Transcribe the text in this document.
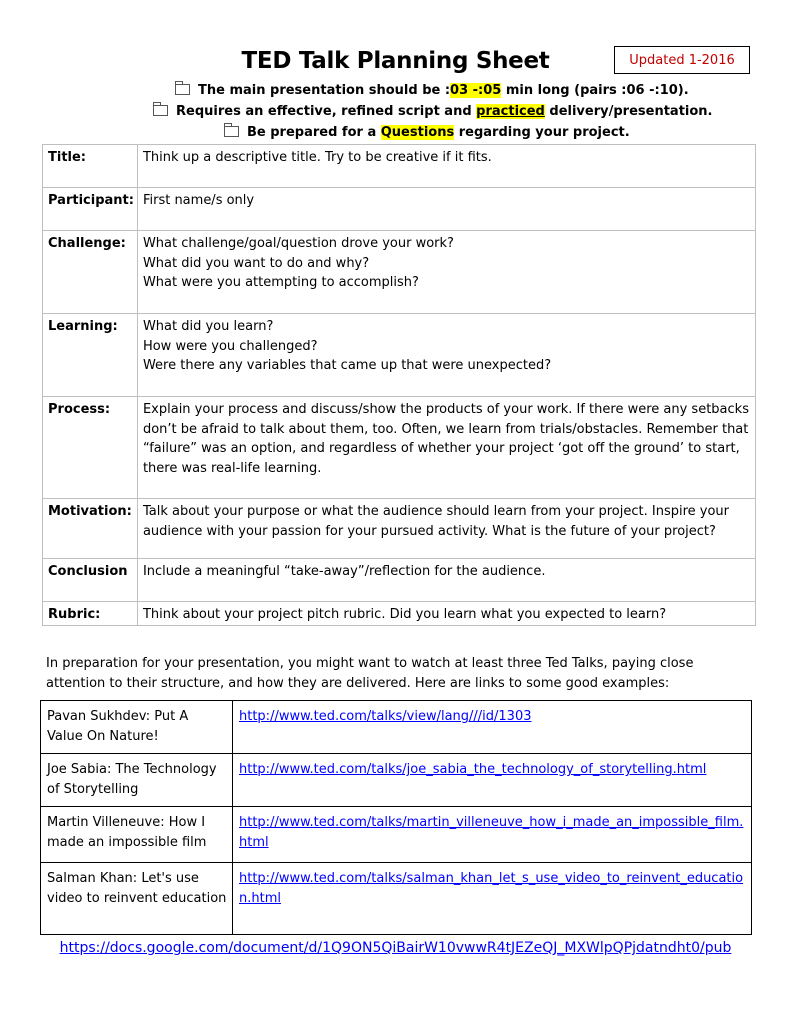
Updated 1-2016
TED Talk Planning Sheet
The main presentation should be :03 -:05 min long (pairs :06 -:10).
Requires an effective, refined script and practiced delivery/presentation.
Be prepared for a Questions regarding your project.
Title:	Think up a descriptive title. Try to be creative if it fits.
Participant:	First name/s only
Challenge:	What challenge/goal/question drove your work?
What did you want to do and why?
What were you attempting to accomplish?
Learning:	What did you learn?
How were you challenged?
Were there any variables that came up that were unexpected?
Process:	Explain your process and discuss/show the products of your work. If there were any setbacks don’t be afraid to talk about them, too. Often, we learn from trials/obstacles. Remember that “failure” was an option, and regardless of whether your project ‘got off the ground’ to start, there was real-life learning.
Motivation:	Talk about your purpose or what the audience should learn from your project. Inspire your audience with your passion for your pursued activity. What is the future of your project?
Conclusion	Include a meaningful “take-away”/reflection for the audience.
Rubric:	Think about your project pitch rubric. Did you learn what you expected to learn?
In preparation for your presentation, you might want to watch at least three Ted Talks, paying close attention to their structure, and how they are delivered. Here are links to some good examples:
Pavan Sukhdev: Put A Value On Nature!	http://www.ted.com/talks/view/lang///id/1303
Joe Sabia: The Technology of Storytelling	http://www.ted.com/talks/joe_sabia_the_technology_of_storytelling.html
Martin Villeneuve: How I made an impossible film	http://www.ted.com/talks/martin_villeneuve_how_i_made_an_impossible_film.html
Salman Khan: Let's use video to reinvent education	http://www.ted.com/talks/salman_khan_let_s_use_video_to_reinvent_education.html
https://docs.google.com/document/d/1Q9ON5QiBairW10vwwR4tJEZeQJ_MXWlpQPjdatndht0/pub
